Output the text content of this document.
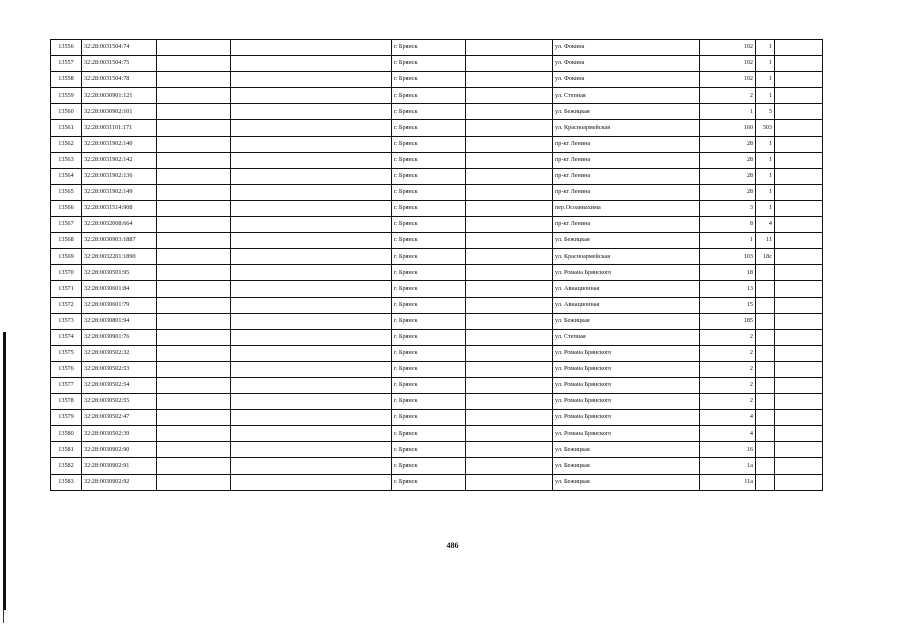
13556	32:28:0031504:74			г. Брянск		ул. Фокина	102	1	
13557	32:28:0031504:75			г. Брянск		ул. Фокина	102	1	
13558	32:28:0031504:78			г. Брянск		ул. Фокина	102	1	
13559	32:28:0030901:121			г. Брянск		ул. Степная	2	1	
13560	32:28:0030902:101			г. Брянск		ул. Бежицкая	1	5	
13561	32:28:0031101:171			г. Брянск		ул. Красноармейская	160	303	
13562	32:28:0031902:140			г. Брянск		пр-кт Ленина	28	1	
13563	32:28:0031902:142			г. Брянск		пр-кт Ленина	28	1	
13564	32:28:0031902:136			г. Брянск		пр-кт Ленина	28	1	
13565	32:28:0031902:149			г. Брянск		пр-кт Ленина	28	1	
13566	32:28:0031514:908			г. Брянск		пер.Осоавиахима	3	1	
13567	32:28:0032008:664			г. Брянск		пр-кт Ленина	8	4	
13568	32:28:0030903:1887			г. Брянск		ул. Бежицкая	1	11	
13569	32:28:0032201:1890			г. Брянск		ул. Красноармейская	103	18с	
13570	32:28:0030501:95			г. Брянск		ул. Романа Брянского	18		
13571	32:28:0030601:84			г. Брянск		ул. Авиационная	13		
13572	32:28:0030601:79			г. Брянск		ул. Авиационная	15		
13573	32:28:0030801:94			г. Брянск		ул. Бежицкая	185		
13574	32:28:0030901:76			г. Брянск		ул. Степная	2		
13575	32:28:0030502:32			г. Брянск		ул. Романа Брянского	2		
13576	32:28:0030502:53			г. Брянск		ул. Романа Брянского	2		
13577	32:28:0030502:54			г. Брянск		ул. Романа Брянского	2		
13578	32:28:0030502:55			г. Брянск		ул. Романа Брянского	2		
13579	32:28:0030502:47			г. Брянск		ул. Романа Брянского	4		
13580	32:28:0030502:39			г. Брянск		ул. Романа Брянского	4		
13581	32:28:0030902:90			г. Брянск		ул. Бежицкая	16		
13582	32:28:0030902:91			г. Брянск		ул. Бежицкая	1а		
13583	32:28:0030902:92			г. Брянск		ул. Бежицкая	11а		
486
